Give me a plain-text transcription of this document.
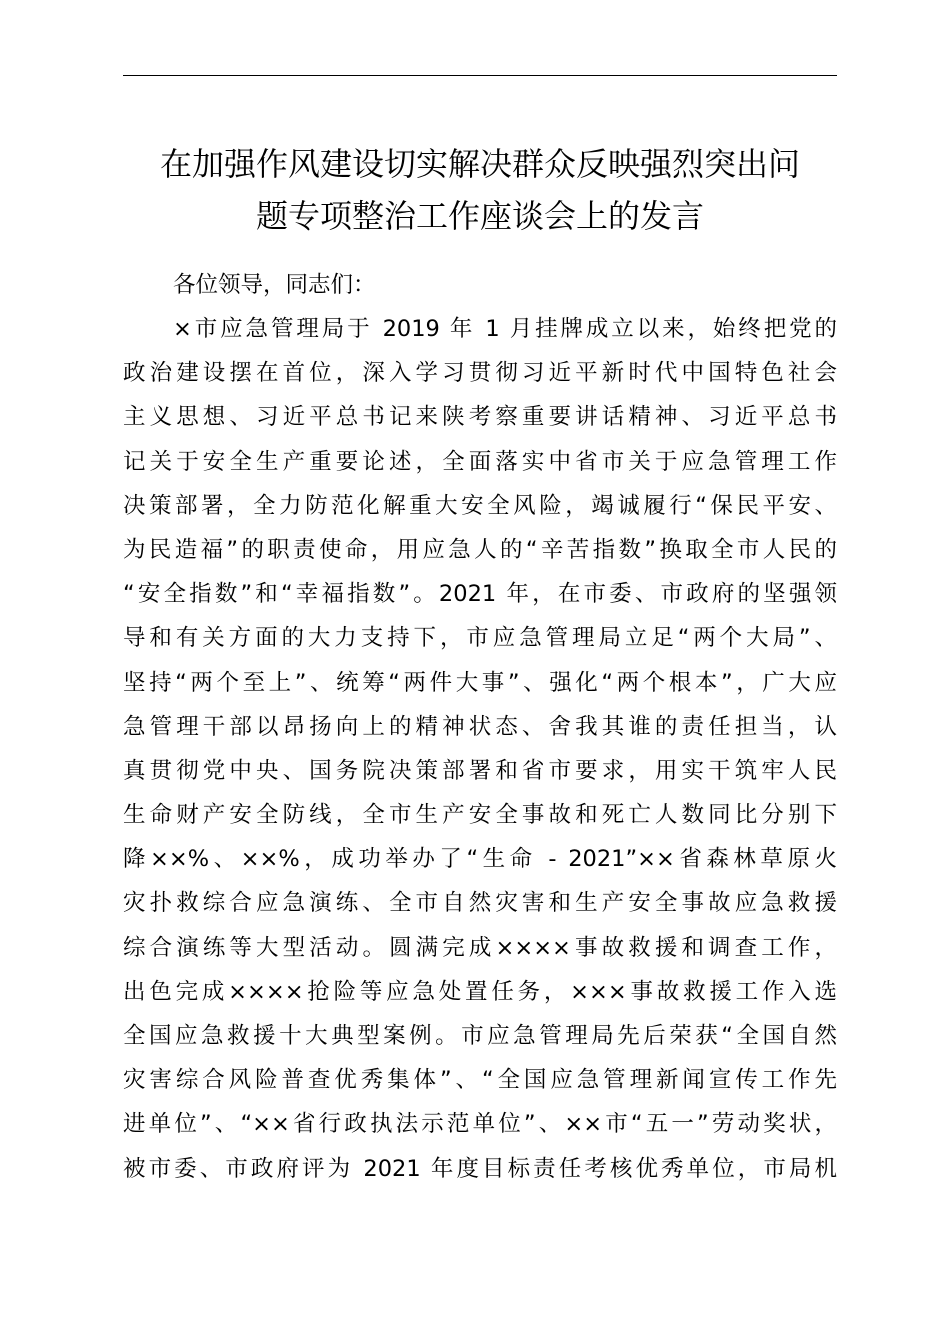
在加强作风建设切实解决群众反映强烈突出问
题专项整治工作座谈会上的发言

各位领导，同志们：

×市应急管理局于 2019 年 1 月挂牌成立以来，始终把党的
政治建设摆在首位，深入学习贯彻习近平新时代中国特色社会
主义思想、习近平总书记来陕考察重要讲话精神、习近平总书
记关于安全生产重要论述，全面落实中省市关于应急管理工作
决策部署，全力防范化解重大安全风险，竭诚履行“保民平安、
为民造福”的职责使命，用应急人的“辛苦指数”换取全市人民的
“安全指数”和“幸福指数”。2021 年，在市委、市政府的坚强领
导和有关方面的大力支持下，市应急管理局立足“两个大局”、
坚持“两个至上”、统筹“两件大事”、强化“两个根本”，广大应
急管理干部以昂扬向上的精神状态、舍我其谁的责任担当，认
真贯彻党中央、国务院决策部署和省市要求，用实干筑牢人民
生命财产安全防线，全市生产安全事故和死亡人数同比分别下
降××%、××%，成功举办了“生命 - 2021”××省森林草原火
灾扑救综合应急演练、全市自然灾害和生产安全事故应急救援
综合演练等大型活动。圆满完成××××事故救援和调查工作，
出色完成××××抢险等应急处置任务，×××事故救援工作入选
全国应急救援十大典型案例。市应急管理局先后荣获“全国自然
灾害综合风险普查优秀集体”、“全国应急管理新闻宣传工作先
进单位”、“××省行政执法示范单位”、××市“五一”劳动奖状，
被市委、市政府评为 2021 年度目标责任考核优秀单位，市局机
